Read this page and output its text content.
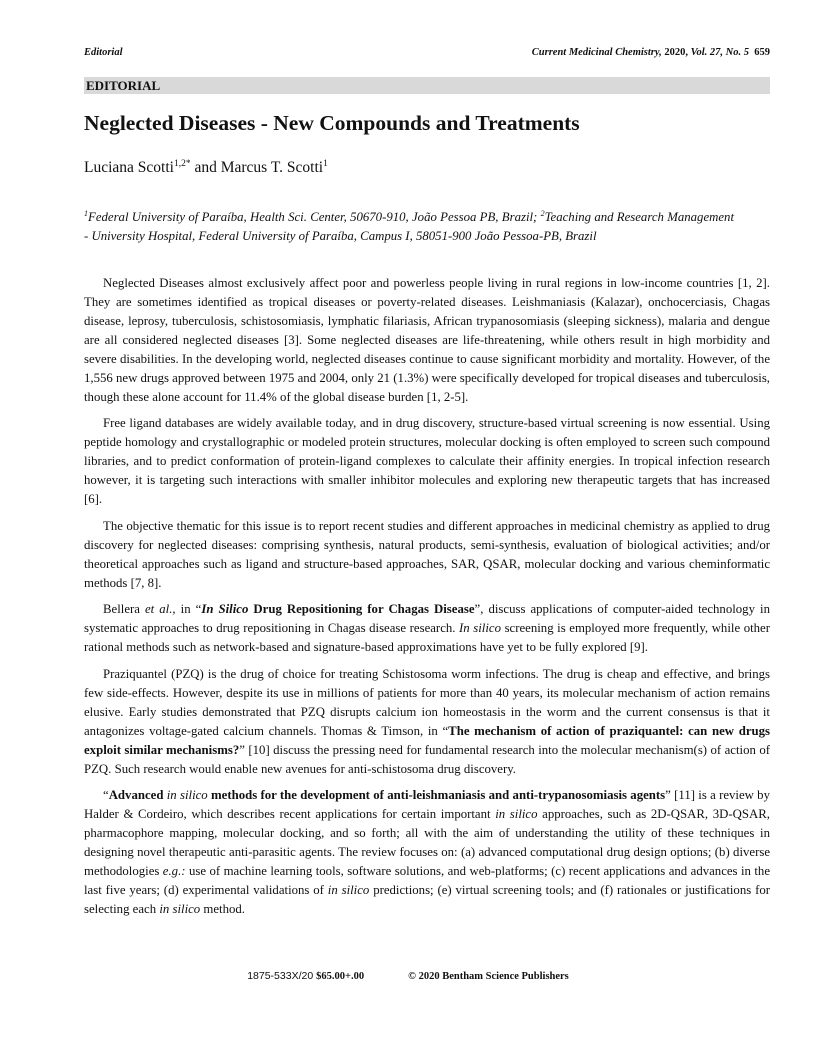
Editorial	Current Medicinal Chemistry, 2020, Vol. 27, No. 5 659
EDITORIAL
Neglected Diseases - New Compounds and Treatments
Luciana Scotti$^{1,2*}$ and Marcus T. Scotti$^1$
$^1$Federal University of Paraíba, Health Sci. Center, 50670-910, João Pessoa PB, Brazil; $^2$Teaching and Research Management - University Hospital, Federal University of Paraíba, Campus I, 58051-900 João Pessoa-PB, Brazil

Neglected Diseases almost exclusively affect poor and powerless people living in rural regions in low-income countries [1, 2]. They are sometimes identified as tropical diseases or poverty-related diseases. Leishmaniasis (Kalazar), onchocerciasis, Chagas disease, leprosy, tuberculosis, schistosomiasis, lymphatic filariasis, African trypanosomiasis (sleeping sickness), malaria and dengue are all considered neglected diseases [3]. Some neglected diseases are life-threatening, while others result in high morbidity and severe disabilities. In the developing world, neglected diseases continue to cause significant morbidity and mortality. However, of the 1,556 new drugs approved between 1975 and 2004, only 21 (1.3%) were specifically developed for tropical diseases and tuberculosis, though these alone account for 11.4% of the global disease burden [1, 2-5].

Free ligand databases are widely available today, and in drug discovery, structure-based virtual screening is now essential. Using peptide homology and crystallographic or modeled protein structures, molecular docking is often employed to screen such compound libraries, and to predict conformation of protein-ligand complexes to calculate their affinity energies. In tropical infection research however, it is targeting such interactions with smaller inhibitor molecules and exploring new therapeutic targets that has increased [6].

The objective thematic for this issue is to report recent studies and different approaches in medicinal chemistry as applied to drug discovery for neglected diseases: comprising synthesis, natural products, semi-synthesis, evaluation of biological activities; and/or theoretical approaches such as ligand and structure-based approaches, SAR, QSAR, molecular docking and various cheminformatic methods [7, 8].

Bellera et al., in “In Silico Drug Repositioning for Chagas Disease”, discuss applications of computer-aided technology in systematic approaches to drug repositioning in Chagas disease research. In silico screening is employed more frequently, while other rational methods such as network-based and signature-based approximations have yet to be fully explored [9].

Praziquantel (PZQ) is the drug of choice for treating Schistosoma worm infections. The drug is cheap and effective, and brings few side-effects. However, despite its use in millions of patients for more than 40 years, its molecular mechanism of action remains elusive. Early studies demonstrated that PZQ disrupts calcium ion homeostasis in the worm and the current consensus is that it antagonizes voltage-gated calcium channels. Thomas & Timson, in “The mechanism of action of praziquantel: can new drugs exploit similar mechanisms?” [10] discuss the pressing need for fundamental research into the molecular mechanism(s) of action of PZQ. Such research would enable new avenues for anti-schistosoma drug discovery.

“Advanced in silico methods for the development of anti-leishmaniasis and anti-trypanosomiasis agents” [11] is a review by Halder & Cordeiro, which describes recent applications for certain important in silico approaches, such as 2D-QSAR, 3D-QSAR, pharmacophore mapping, molecular docking, and so forth; all with the aim of understanding the utility of these techniques in designing novel therapeutic anti-parasitic agents. The review focuses on: (a) advanced computational drug design options; (b) diverse methodologies e.g.: use of machine learning tools, software solutions, and web-platforms; (c) recent applications and advances in the last five years; (d) experimental validations of in silico predictions; (e) virtual screening tools; and (f) rationales or justifications for selecting each in silico method.

1875-533X/20 $65.00+.00	© 2020 Bentham Science Publishers
